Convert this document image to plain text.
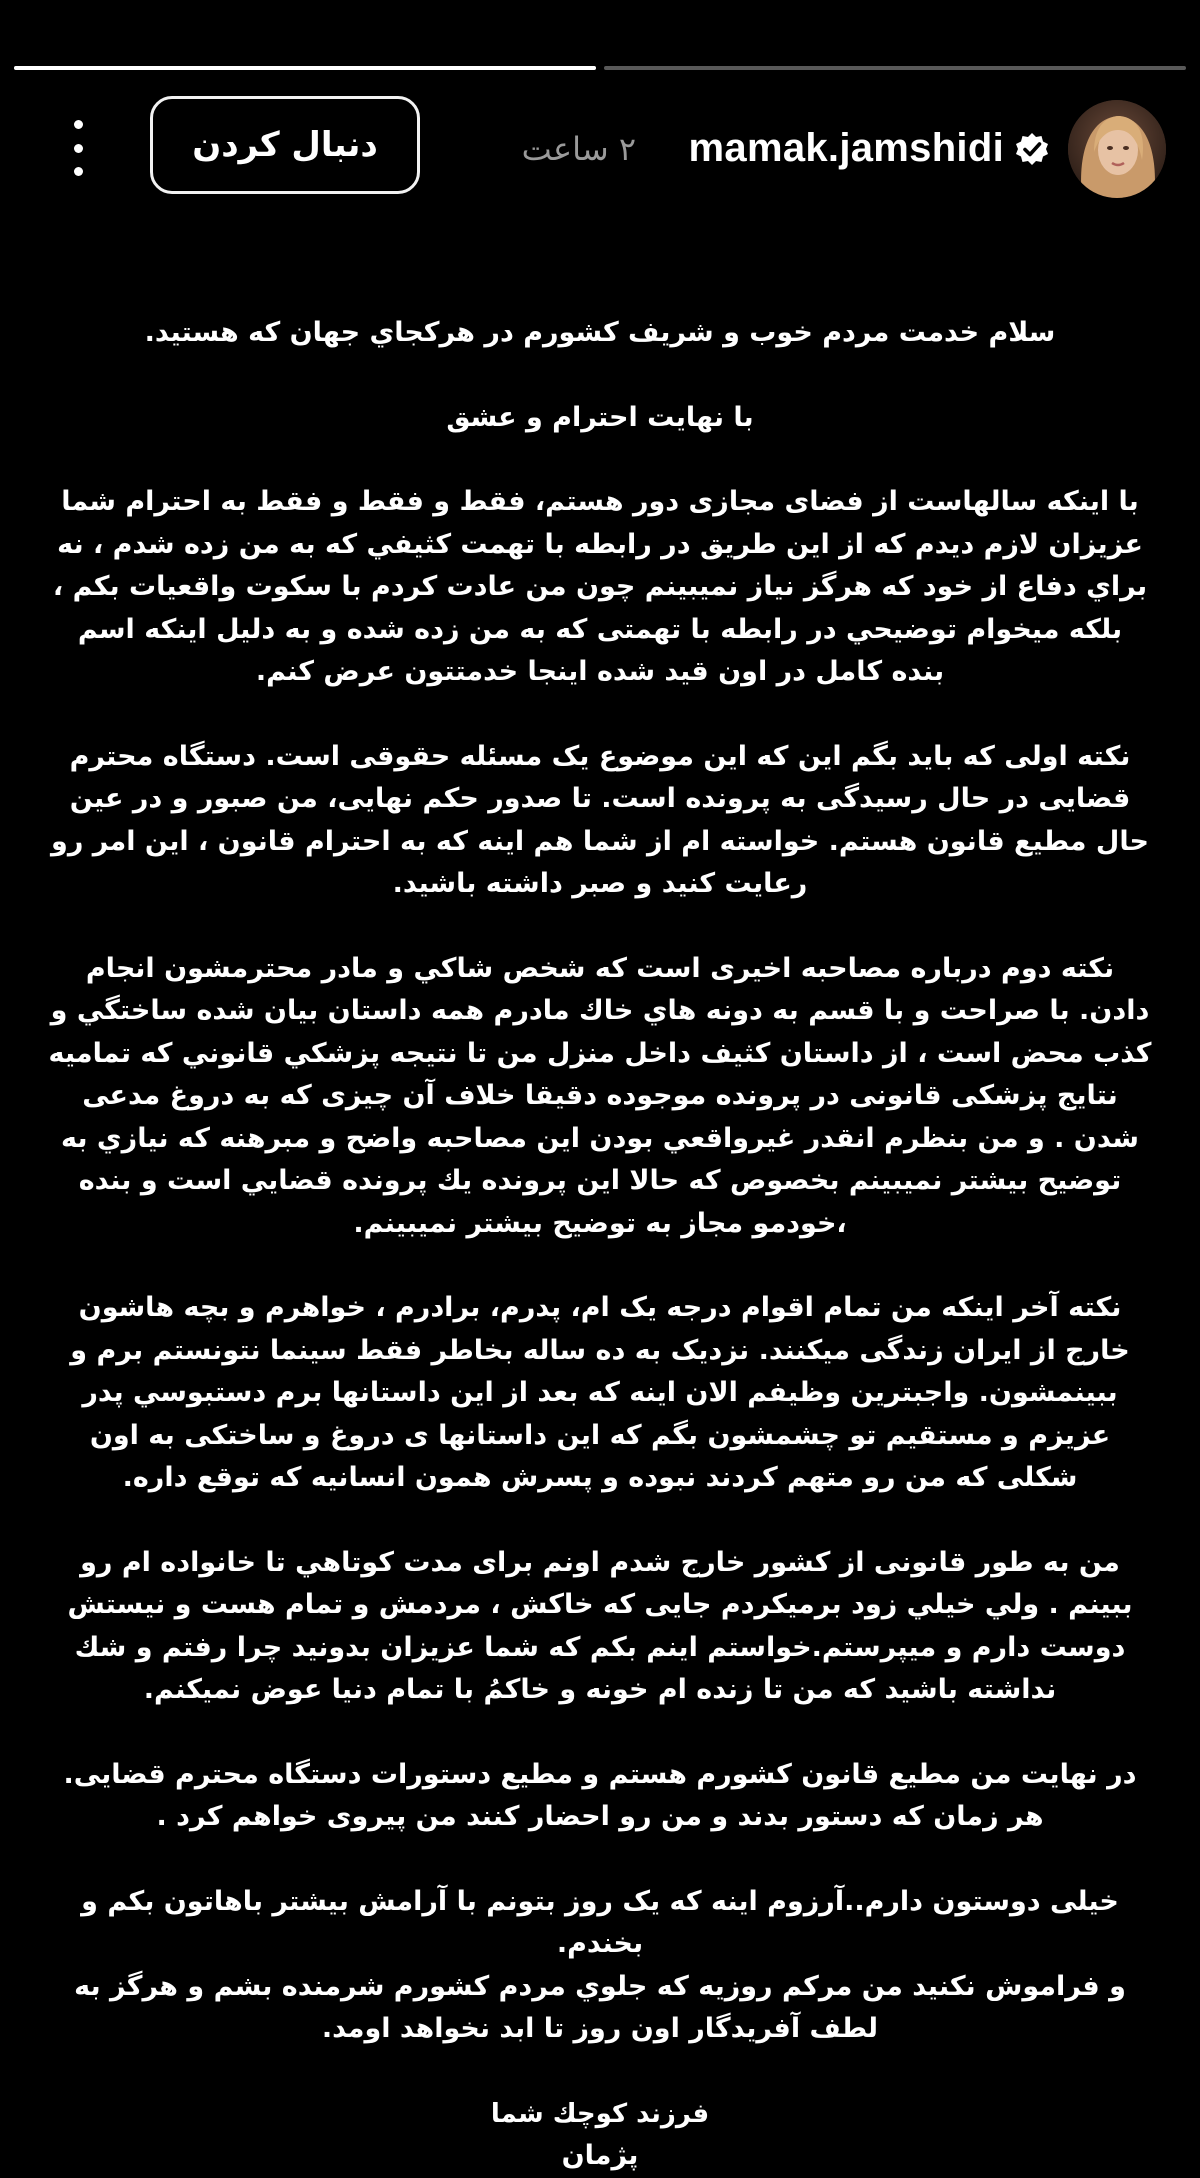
mamak.jamshidi
۲ ساعت
دنبال کردن

سلام خدمت مردم خوب و شریف کشورم در هرکجاي جهان که هستید.

با نهایت احترام و عشق

با اینکه سالهاست از فضای مجازی دور هستم، فقط و فقط و فقط به احترام شما عزیزان لازم دیدم که از این طریق در رابطه با تهمت کثیفي که به من زده شدم ، نه براي دفاع از خود که هرگز نیاز نمیبینم چون من عادت کردم با سکوت واقعیات بکم ، بلکه میخوام توضیحي در رابطه با تهمتی که به من زده شده و به دلیل اینکه اسم بنده کامل در اون قید شده اینجا خدمتتون عرض کنم.

نکته اولی که باید بگم این که این موضوع یک مسئله حقوقی است. دستگاه محترم قضایی در حال رسیدگی به پرونده است. تا صدور حکم نهایی، من صبور و در عین حال مطیع قانون هستم. خواسته ام از شما هم اینه که به احترام قانون ، این امر رو رعایت کنید و صبر داشته باشید.

نکته دوم درباره مصاحبه اخیری است که شخص شاكي و مادر محترمشون انجام دادن. با صراحت و با قسم به دونه هاي خاك مادرم همه داستان بیان شده ساختگي و كذب محض است ، از داستان كثیف داخل منزل من تا نتیجه پزشكي قانوني كه تمامیه نتایج پزشکی قانونی در پرونده موجوده دقیقا خلاف آن چیزی که به دروغ مدعی شدن . و من بنظرم انقدر غیرواقعي بودن این مصاحبه واضح و مبرهنه كه نیازي به توضیح بیشتر نمیبینم بخصوص كه حالا این پرونده یك پرونده قضایي است و بنده ،خودمو مجاز به توضیح بیشتر نمیبینم.

نکته آخر اینکه من تمام اقوام درجه یک ام، پدرم، برادرم ، خواهرم و بچه هاشون خارج از ایران زندگی میکنند. نزدیک به ده ساله بخاطر فقط سینما نتونستم برم و ببینمشون. واجبترین وظیفم الان اینه که بعد از این داستانها برم دستبوسي پدر عزیزم و مستقیم تو چشمشون بگم كه این داستانها ی دروغ و ساختکی به اون شکلی که من رو متهم کردند نبوده و پسرش همون انسانیه که توقع داره.

من به طور قانونی از کشور خارج شدم اونم برای مدت كوتاهي تا خانواده ام رو ببینم . ولي خیلي زود برمیكردم جایی كه خاكش ، مردمش و تمام هست و نیستش دوست دارم و میپرستم.خواستم اینم بكم كه شما عزیزان بدونید چرا رفتم و شك نداشته باشید كه من تا زنده ام خونه و خاكمُ با تمام دنیا عوض نمیكنم.

در نهایت من مطیع قانون کشورم هستم و مطیع دستورات دستگاه محترم قضایی. هر زمان که دستور بدند و من رو احضار کنند من پیروی خواهم کرد .

خیلی دوستون دارم..آرزوم اینه که یک روز بتونم با آرامش بیشتر باهاتون بكم و بخندم.

و فراموش نکنید من مرکم روزیه که جلوي مردم کشورم شرمنده بشم و هرگز به لطف آفریدگار اون روز تا ابد نخواهد اومد.

فرزند كوچك شما

پژمان
